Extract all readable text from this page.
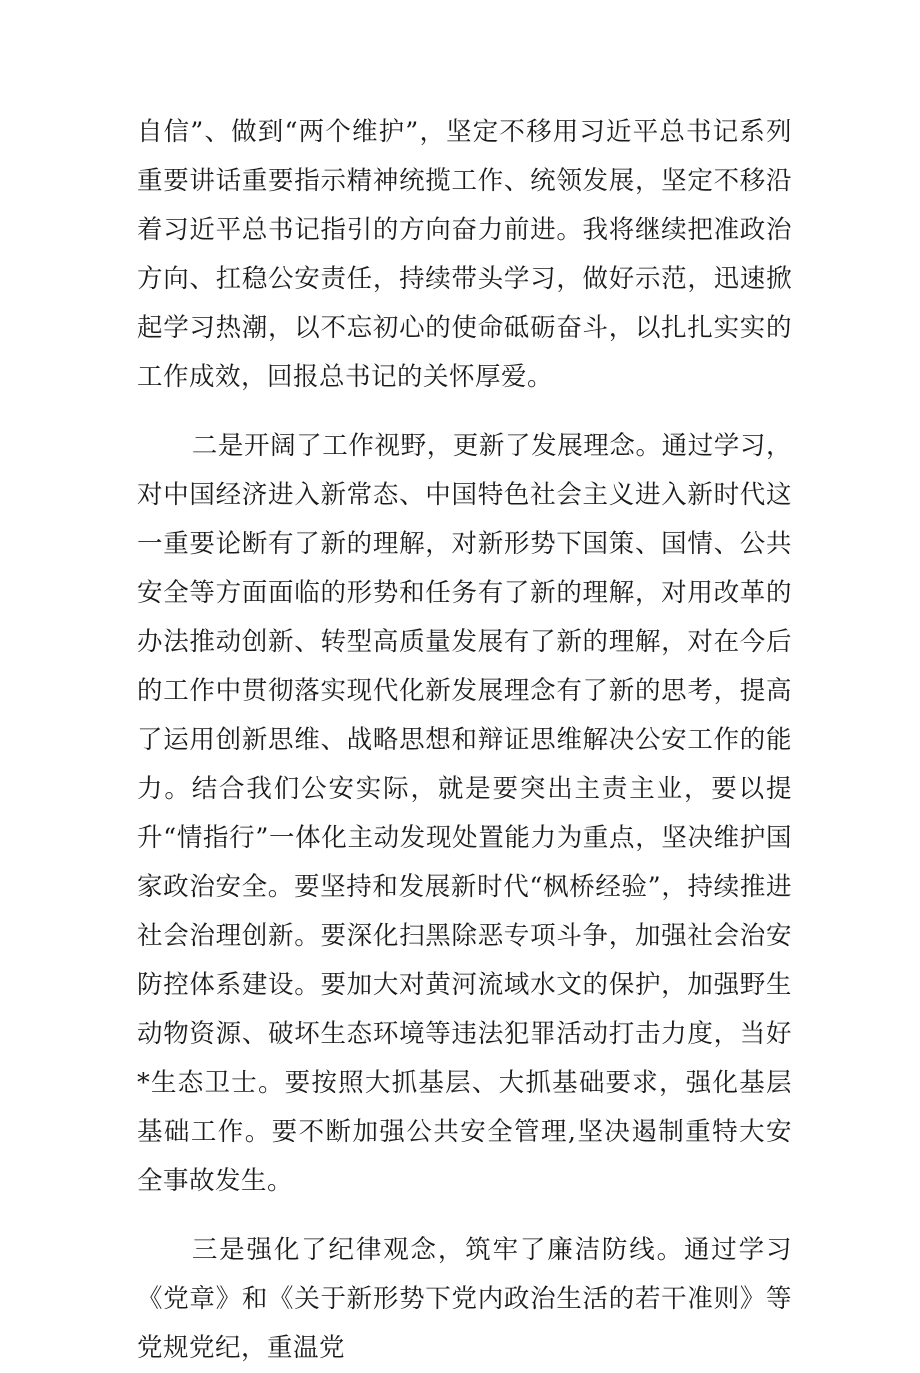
自信”、做到“两个维护”，坚定不移用习近平总书记系列重要讲话重要指示精神统揽工作、统领发展，坚定不移沿着习近平总书记指引的方向奋力前进。我将继续把准政治方向、扛稳公安责任，持续带头学习，做好示范，迅速掀起学习热潮，以不忘初心的使命砥砺奋斗，以扎扎实实的工作成效，回报总书记的关怀厚爱。

二是开阔了工作视野，更新了发展理念。通过学习，对中国经济进入新常态、中国特色社会主义进入新时代这一重要论断有了新的理解，对新形势下国策、国情、公共安全等方面面临的形势和任务有了新的理解，对用改革的办法推动创新、转型高质量发展有了新的理解，对在今后的工作中贯彻落实现代化新发展理念有了新的思考，提高了运用创新思维、战略思想和辩证思维解决公安工作的能力。结合我们公安实际，就是要突出主责主业，要以提升“情指行”一体化主动发现处置能力为重点，坚决维护国家政治安全。要坚持和发展新时代“枫桥经验”，持续推进社会治理创新。要深化扫黑除恶专项斗争，加强社会治安防控体系建设。要加大对黄河流域水文的保护，加强野生动物资源、破坏生态环境等违法犯罪活动打击力度，当好*生态卫士。要按照大抓基层、大抓基础要求，强化基层基础工作。要不断加强公共安全管理,坚决遏制重特大安全事故发生。

三是强化了纪律观念，筑牢了廉洁防线。通过学习《党章》和《关于新形势下党内政治生活的若干准则》等党规党纪，重温党
